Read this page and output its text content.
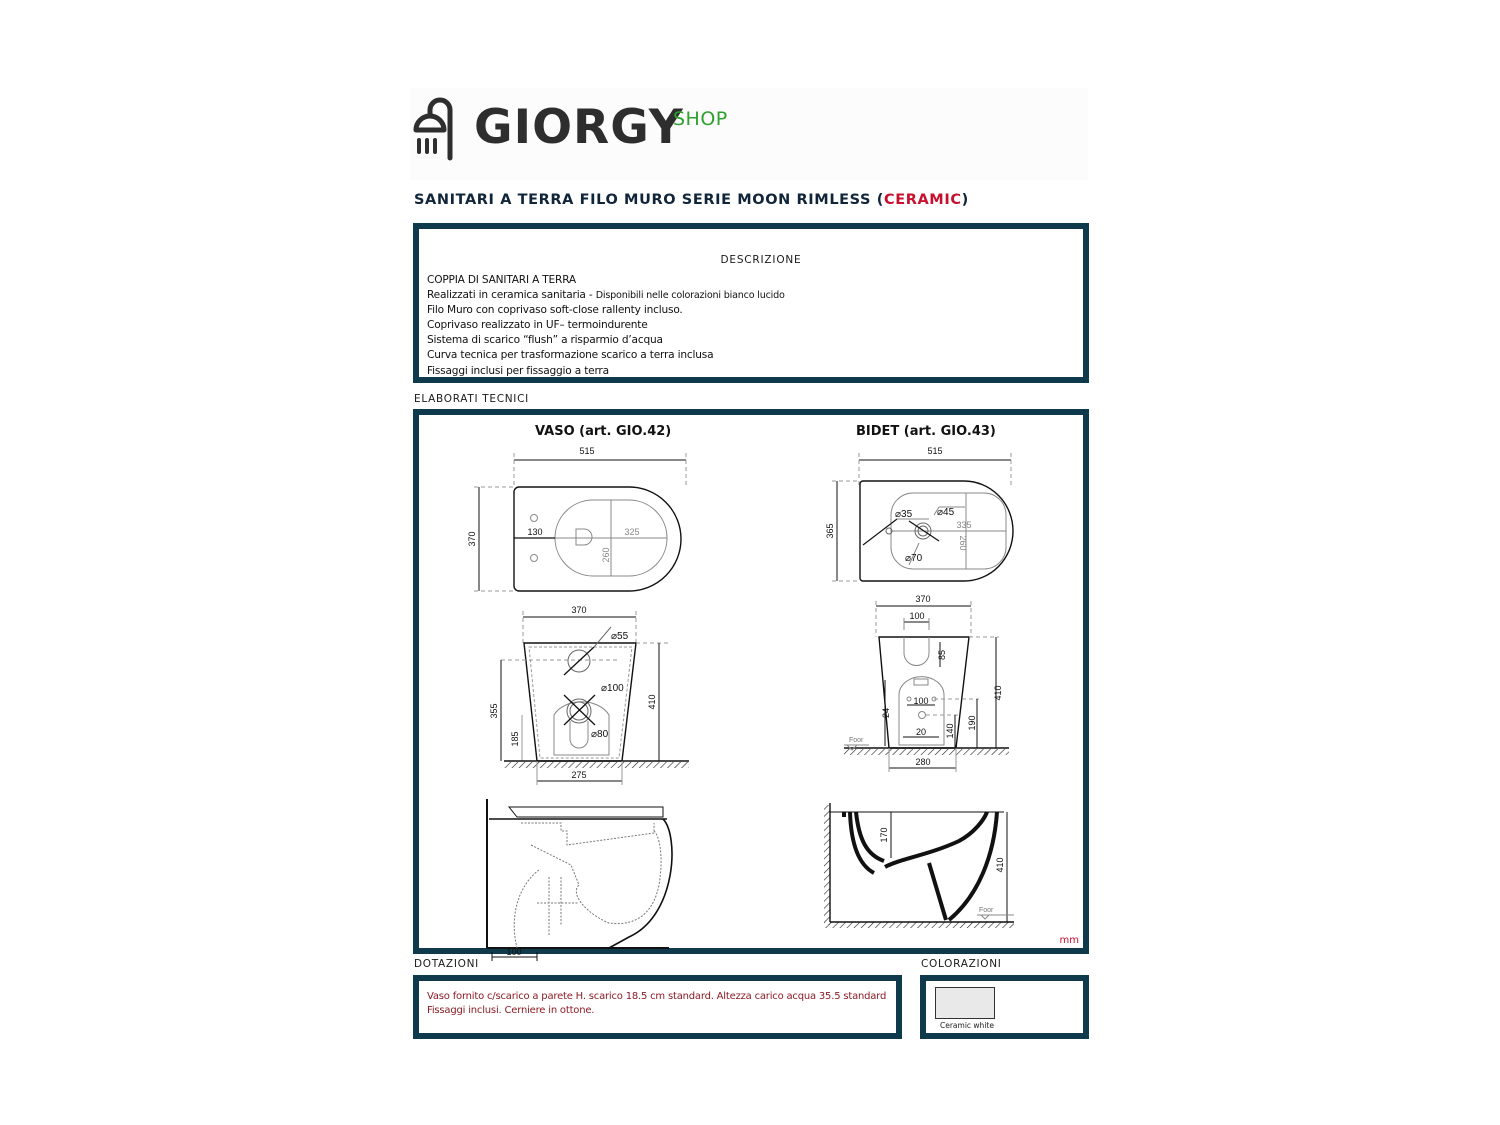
GIORGY
SHOP
SANITARI A TERRA FILO MURO SERIE MOON RIMLESS (CERAMIC)
DESCRIZIONE
COPPIA DI SANITARI A TERRA
Realizzati in ceramica sanitaria - Disponibili nelle colorazioni bianco lucido
Filo Muro con coprivaso soft-close rallenty incluso.
Coprivaso realizzato in UF– termoindurente
Sistema di scarico “flush” a risparmio d’acqua
Curva tecnica per trasformazione scarico a terra inclusa
Fissaggi inclusi per fissaggio a terra
ELABORATI TECNICI
VASO (art. GIO.42)	BIDET (art. GIO.43)
515
370	130	325
260
370
⌀55
⌀100
⌀80
355
185
410
275
100
515
365
⌀35 ⌀45
⌀70
335
260
370
100
85
410
100
20
24
140
190
Foor
280
170
410
Foor
mm
DOTAZIONI
Vaso fornito c/scarico a parete H. scarico 18.5 cm standard. Altezza carico acqua 35.5 standard
Fissaggi inclusi. Cerniere in ottone.
COLORAZIONI
Ceramic white
